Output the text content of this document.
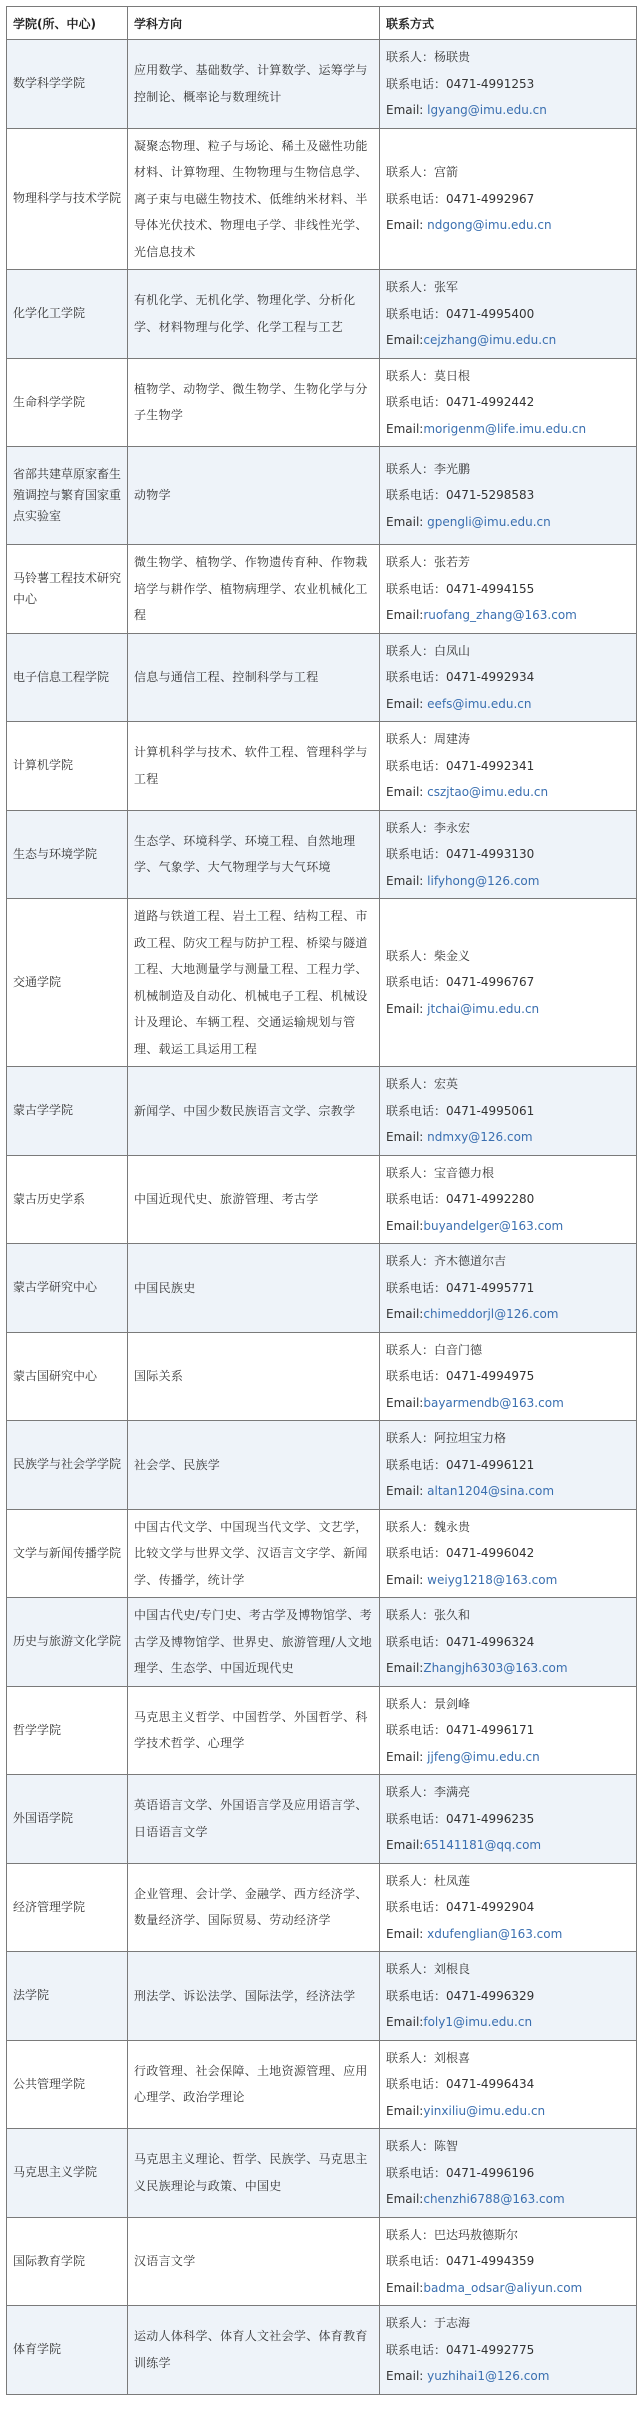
学院(所、中心)	学科方向	联系方式
数学科学学院	应用数学、基础数学、计算数学、运筹学与控制论、概率论与数理统计	联系人：杨联贵
联系电话：0471-4991253
Email: lgyang@imu.edu.cn

物理科学与技术学院	凝聚态物理、粒子与场论、稀土及磁性功能材料、计算物理、生物物理与生物信息学、离子束与电磁生物技术、低维纳米材料、半导体光伏技术、物理电子学、非线性光学、光信息技术	联系人：宫箭
联系电话：0471-4992967
Email: ndgong@imu.edu.cn

化学化工学院	有机化学、无机化学、物理化学、分析化学、材料物理与化学、化学工程与工艺	联系人：张军
联系电话：0471-4995400
Email:cejzhang@imu.edu.cn

生命科学学院	植物学、动物学、微生物学、生物化学与分子生物学	联系人：莫日根
联系电话：0471-4992442
Email:morigenm@life.imu.edu.cn

省部共建草原家畜生殖调控与繁育国家重点实验室	动物学	联系人：李光鹏
联系电话：0471-5298583
Email: gpengli@imu.edu.cn

马铃薯工程技术研究中心	微生物学、植物学、作物遗传育种、作物栽培学与耕作学、植物病理学、农业机械化工程	联系人：张若芳
联系电话：0471-4994155
Email:ruofang_zhang@163.com

电子信息工程学院	信息与通信工程、控制科学与工程	联系人：白凤山
联系电话：0471-4992934
Email: eefs@imu.edu.cn

计算机学院	计算机科学与技术、软件工程、管理科学与工程	联系人：周建涛
联系电话：0471-4992341
Email: cszjtao@imu.edu.cn

生态与环境学院	生态学、环境科学、环境工程、自然地理学、气象学、大气物理学与大气环境	联系人：李永宏
联系电话：0471-4993130
Email: lifyhong@126.com

交通学院	道路与铁道工程、岩土工程、结构工程、市政工程、防灾工程与防护工程、桥梁与隧道工程、大地测量学与测量工程、工程力学、机械制造及自动化、机械电子工程、机械设计及理论、车辆工程、交通运输规划与管理、载运工具运用工程	联系人：柴金义
联系电话：0471-4996767
Email: jtchai@imu.edu.cn

蒙古学学院	新闻学、中国少数民族语言文学、宗教学	联系人：宏英
联系电话：0471-4995061
Email: ndmxy@126.com

蒙古历史学系	中国近现代史、旅游管理、考古学	联系人：宝音德力根
联系电话：0471-4992280
Email:buyandelger@163.com

蒙古学研究中心	中国民族史	联系人：齐木德道尔吉
联系电话：0471-4995771
Email:chimeddorjl@126.com

蒙古国研究中心	国际关系	联系人：白音门德
联系电话：0471-4994975
Email:bayarmendb@163.com

民族学与社会学学院	社会学、民族学	联系人：阿拉坦宝力格
联系电话：0471-4996121
Email: altan1204@sina.com

文学与新闻传播学院	中国古代文学、中国现当代文学、文艺学，比较文学与世界文学、汉语言文字学、新闻学、传播学，统计学	联系人：魏永贵
联系电话：0471-4996042
Email: weiyg1218@163.com

历史与旅游文化学院	中国古代史/专门史、考古学及博物馆学、考古学及博物馆学、世界史、旅游管理/人文地理学、生态学、中国近现代史	联系人：张久和
联系电话：0471-4996324
Email:Zhangjh6303@163.com

哲学学院	马克思主义哲学、中国哲学、外国哲学、科学技术哲学、心理学	联系人：景剑峰
联系电话：0471-4996171
Email: jjfeng@imu.edu.cn

外国语学院	英语语言文学、外国语言学及应用语言学、日语语言文学	联系人：李满亮
联系电话：0471-4996235
Email:65141181@qq.com

经济管理学院	企业管理、会计学、金融学、西方经济学、数量经济学、国际贸易、劳动经济学	联系人：杜凤莲
联系电话：0471-4992904
Email: xdufenglian@163.com

法学院	刑法学、诉讼法学、国际法学，经济法学	联系人：刘根良
联系电话：0471-4996329
Email:foly1@imu.edu.cn

公共管理学院	行政管理、社会保障、土地资源管理、应用心理学、政治学理论	联系人：刘根喜
联系电话：0471-4996434
Email:yinxiliu@imu.edu.cn

马克思主义学院	马克思主义理论、哲学、民族学、马克思主义民族理论与政策、中国史	联系人：陈智
联系电话：0471-4996196
Email:chenzhi6788@163.com

国际教育学院	汉语言文学	联系人：巴达玛敖德斯尔
联系电话：0471-4994359
Email:badma_odsar@aliyun.com

体育学院	运动人体科学、体育人文社会学、体育教育训练学	联系人：于志海
联系电话：0471-4992775
Email: yuzhihai1@126.com
